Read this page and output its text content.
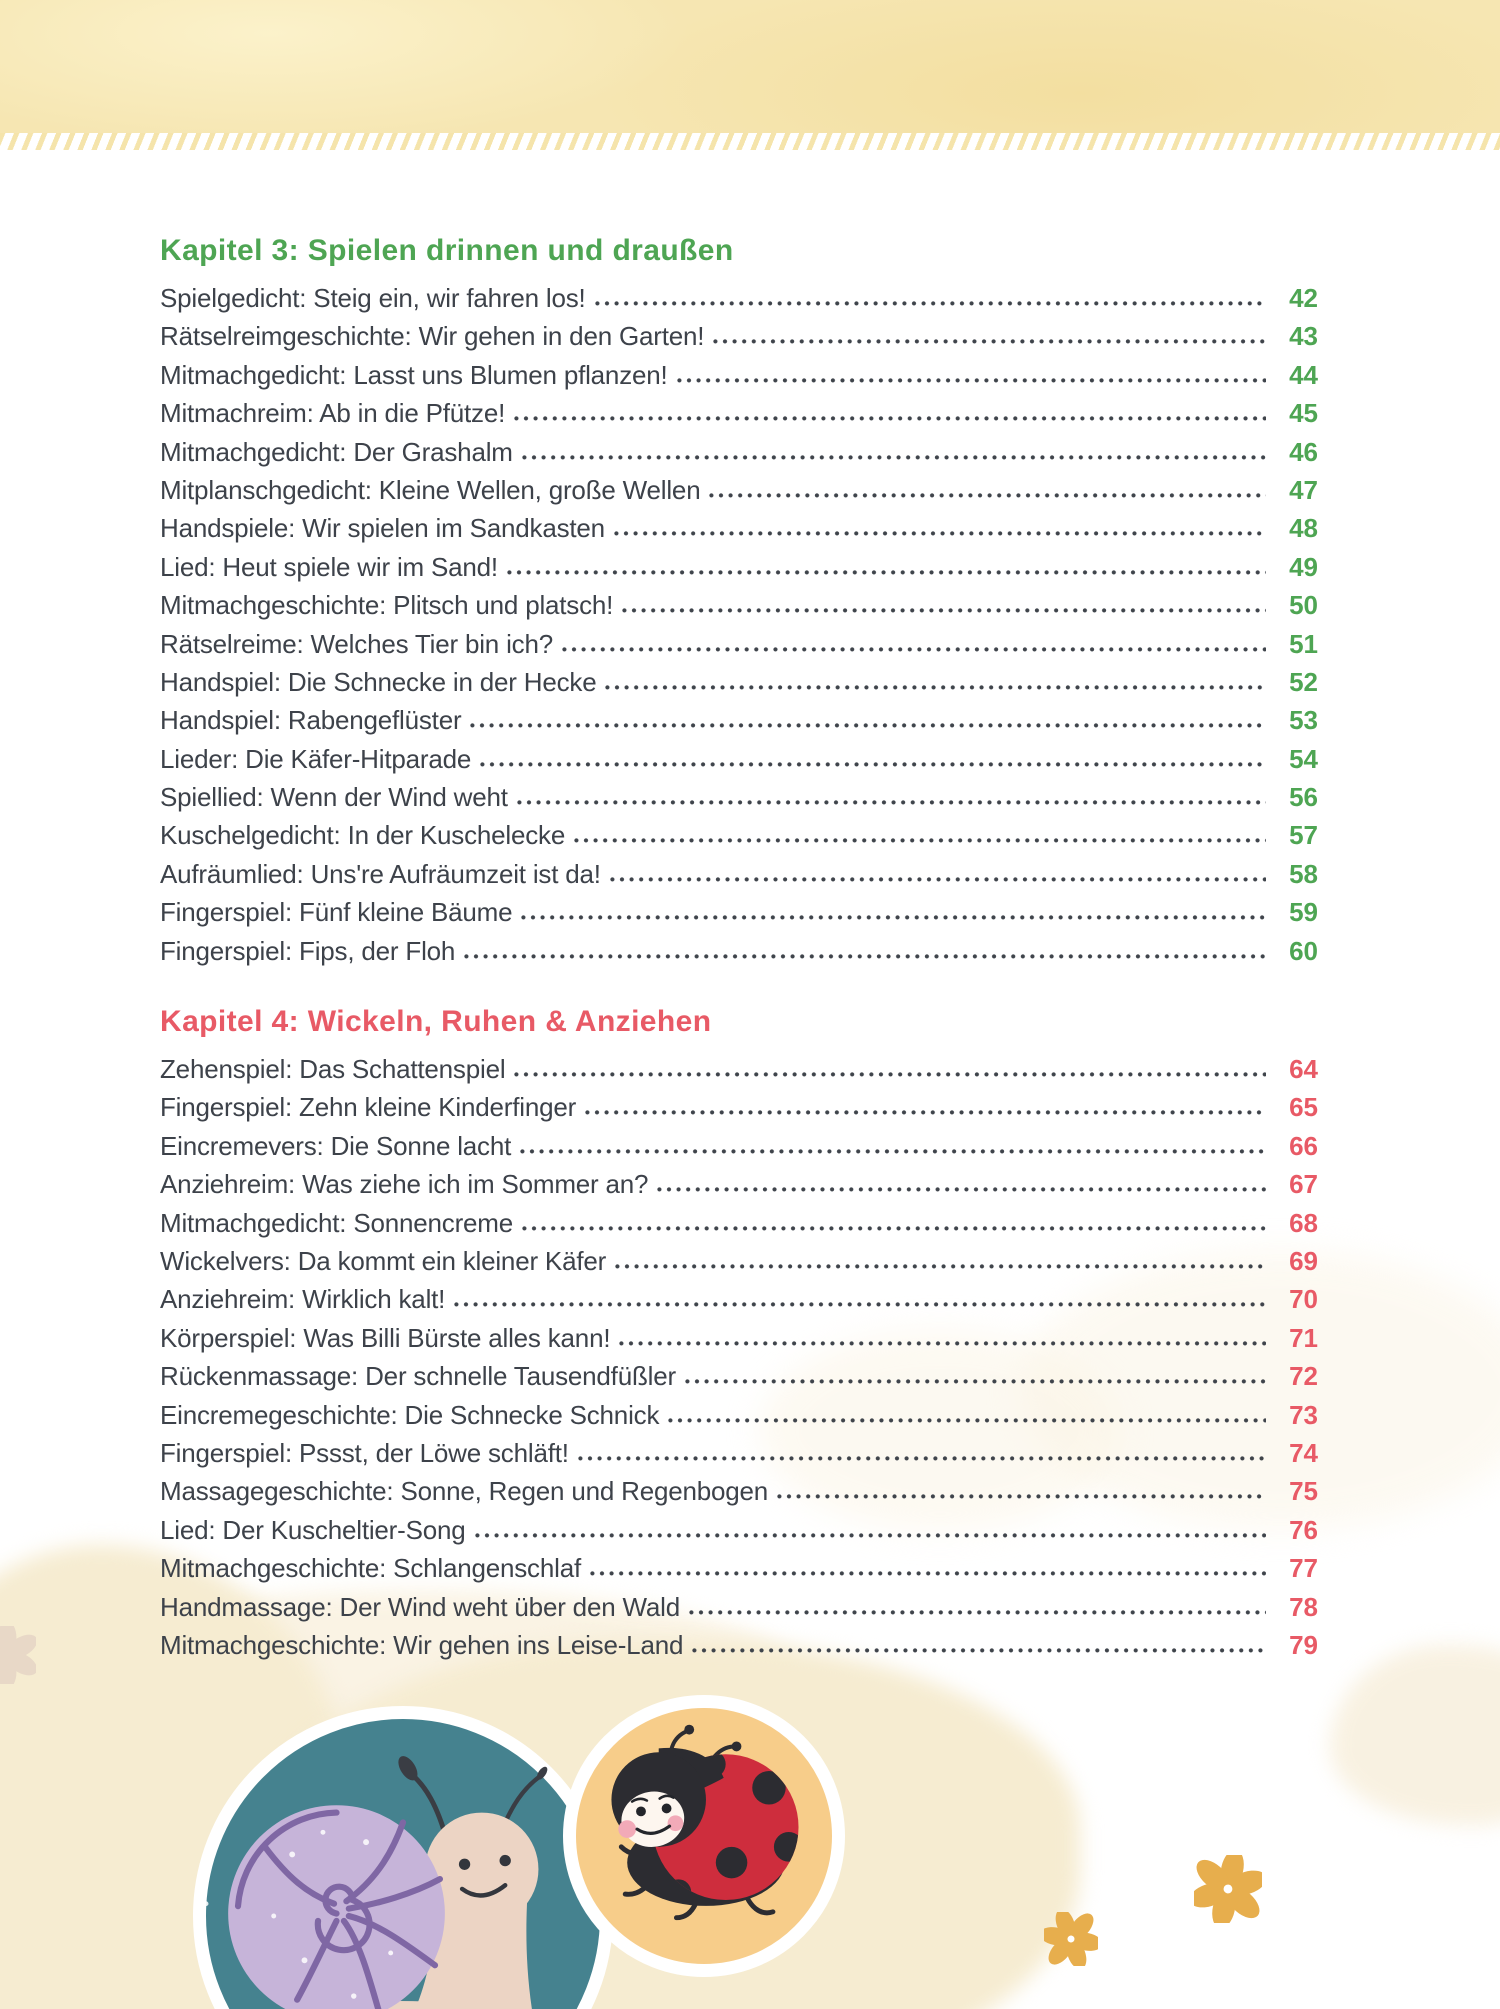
Kapitel 3: Spielen drinnen und draußen
Spielgedicht: Steig ein, wir fahren los!	42
Rätselreimgeschichte: Wir gehen in den Garten!	43
Mitmachgedicht: Lasst uns Blumen pflanzen!	44
Mitmachreim: Ab in die Pfütze!	45
Mitmachgedicht: Der Grashalm	46
Mitplanschgedicht: Kleine Wellen, große Wellen	47
Handspiele: Wir spielen im Sandkasten	48
Lied: Heut spiele wir im Sand!	49
Mitmachgeschichte: Plitsch und platsch!	50
Rätselreime: Welches Tier bin ich?	51
Handspiel: Die Schnecke in der Hecke	52
Handspiel: Rabengeflüster	53
Lieder: Die Käfer-Hitparade	54
Spiellied: Wenn der Wind weht	56
Kuschelgedicht: In der Kuschelecke	57
Aufräumlied: Uns're Aufräumzeit ist da!	58
Fingerspiel: Fünf kleine Bäume	59
Fingerspiel: Fips, der Floh	60
Kapitel 4: Wickeln, Ruhen & Anziehen
Zehenspiel: Das Schattenspiel	64
Fingerspiel: Zehn kleine Kinderfinger	65
Eincremevers: Die Sonne lacht	66
Anziehreim: Was ziehe ich im Sommer an?	67
Mitmachgedicht: Sonnencreme	68
Wickelvers: Da kommt ein kleiner Käfer	69
Anziehreim: Wirklich kalt!	70
Körperspiel: Was Billi Bürste alles kann!	71
Rückenmassage: Der schnelle Tausendfüßler	72
Eincremegeschichte: Die Schnecke Schnick	73
Fingerspiel: Pssst, der Löwe schläft!	74
Massagegeschichte: Sonne, Regen und Regenbogen	75
Lied: Der Kuscheltier-Song	76
Mitmachgeschichte: Schlangenschlaf	77
Handmassage: Der Wind weht über den Wald	78
Mitmachgeschichte: Wir gehen ins Leise-Land	79
